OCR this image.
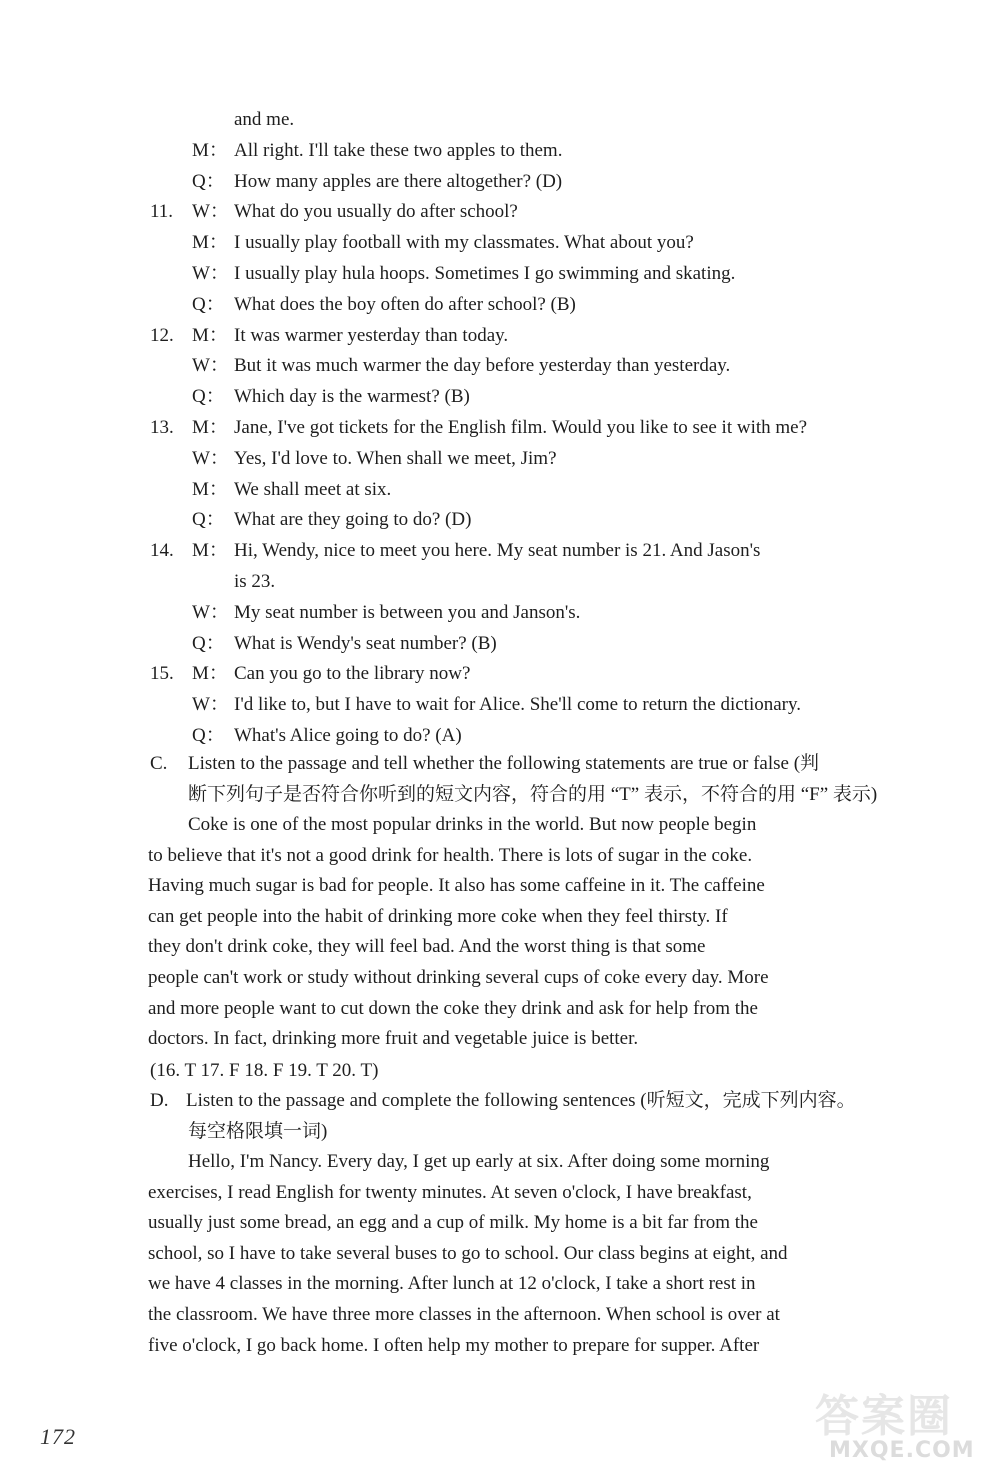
and me.
M： All right. I'll take these two apples to them.
Q： How many apples are there altogether? (D)
11. W： What do you usually do after school?
M： I usually play football with my classmates. What about you?
W： I usually play hula hoops. Sometimes I go swimming and skating.
Q： What does the boy often do after school? (B)
12. M： It was warmer yesterday than today.
W： But it was much warmer the day before yesterday than yesterday.
Q： Which day is the warmest? (B)
13. M： Jane, I've got tickets for the English film. Would you like to see it with me?
W： Yes, I'd love to. When shall we meet, Jim?
M： We shall meet at six.
Q： What are they going to do? (D)
14. M： Hi, Wendy, nice to meet you here. My seat number is 21. And Jason's
is 23.
W： My seat number is between you and Janson's.
Q： What is Wendy's seat number? (B)
15. M： Can you go to the library now?
W： I'd like to, but I have to wait for Alice. She'll come to return the dictionary.
Q： What's Alice going to do? (A)
C. Listen to the passage and tell whether the following statements are true or false (判
断下列句子是否符合你听到的短文内容，符合的用 “T” 表示，不符合的用 “F” 表示)
Coke is one of the most popular drinks in the world. But now people begin
to believe that it's not a good drink for health. There is lots of sugar in the coke.
Having much sugar is bad for people. It also has some caffeine in it. The caffeine
can get people into the habit of drinking more coke when they feel thirsty. If
they don't drink coke, they will feel bad. And the worst thing is that some
people can't work or study without drinking several cups of coke every day. More
and more people want to cut down the coke they drink and ask for help from the
doctors. In fact, drinking more fruit and vegetable juice is better.
(16. T 17. F 18. F 19. T 20. T)
D. Listen to the passage and complete the following sentences (听短文，完成下列内容。
每空格限填一词)
Hello, I'm Nancy. Every day, I get up early at six. After doing some morning
exercises, I read English for twenty minutes. At seven o'clock, I have breakfast,
usually just some bread, an egg and a cup of milk. My home is a bit far from the
school, so I have to take several buses to go to school. Our class begins at eight, and
we have 4 classes in the morning. After lunch at 12 o'clock, I take a short rest in
the classroom. We have three more classes in the afternoon. When school is over at
five o'clock, I go back home. I often help my mother to prepare for supper. After
172	答案圈
MXQE.COM
